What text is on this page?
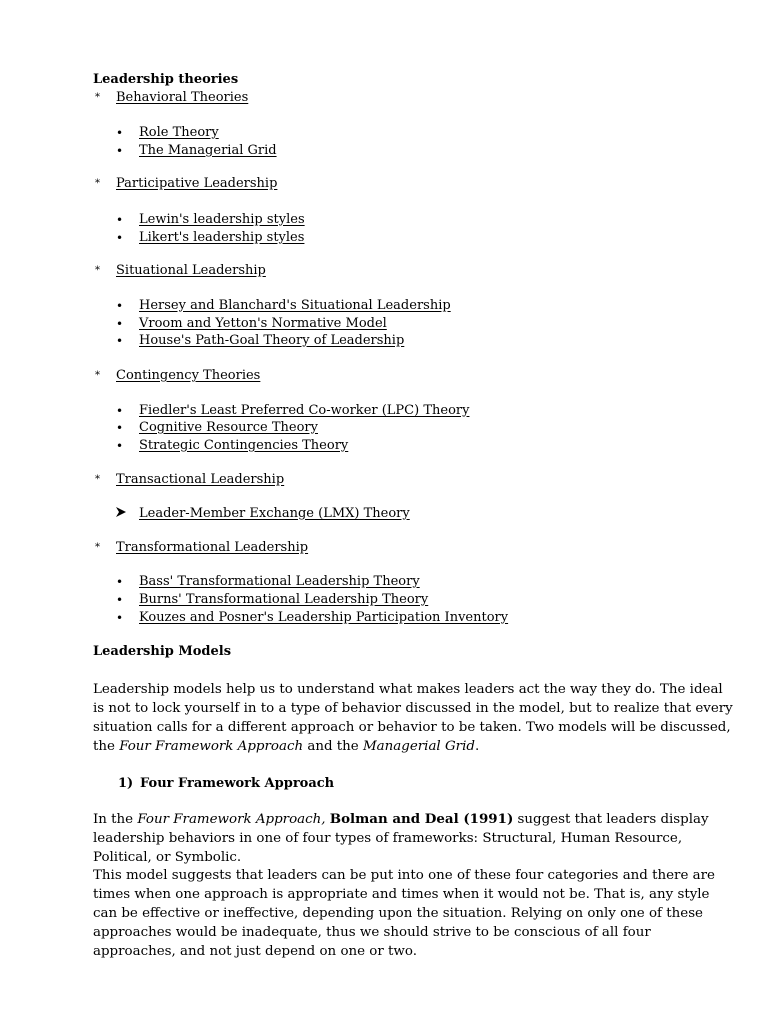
Leadership theories
* Behavioral Theories
• Role Theory
• The Managerial Grid
* Participative Leadership
• Lewin's leadership styles
• Likert's leadership styles
* Situational Leadership
• Hersey and Blanchard's Situational Leadership
• Vroom and Yetton's Normative Model
• House's Path-Goal Theory of Leadership
* Contingency Theories
• Fiedler's Least Preferred Co-worker (LPC) Theory
• Cognitive Resource Theory
• Strategic Contingencies Theory
* Transactional Leadership
Leader-Member Exchange (LMX) Theory
* Transformational Leadership
• Bass' Transformational Leadership Theory
• Burns' Transformational Leadership Theory
• Kouzes and Posner's Leadership Participation Inventory
Leadership Models

Leadership models help us to understand what makes leaders act the way they do. The ideal is not to lock yourself in to a type of behavior discussed in the model, but to realize that every situation calls for a different approach or behavior to be taken. Two models will be discussed, the Four Framework Approach and the Managerial Grid.

1) Four Framework Approach

In the Four Framework Approach, Bolman and Deal (1991) suggest that leaders display leadership behaviors in one of four types of frameworks: Structural, Human Resource, Political, or Symbolic.

This model suggests that leaders can be put into one of these four categories and there are times when one approach is appropriate and times when it would not be. That is, any style can be effective or ineffective, depending upon the situation. Relying on only one of these approaches would be inadequate, thus we should strive to be conscious of all four approaches, and not just depend on one or two.
